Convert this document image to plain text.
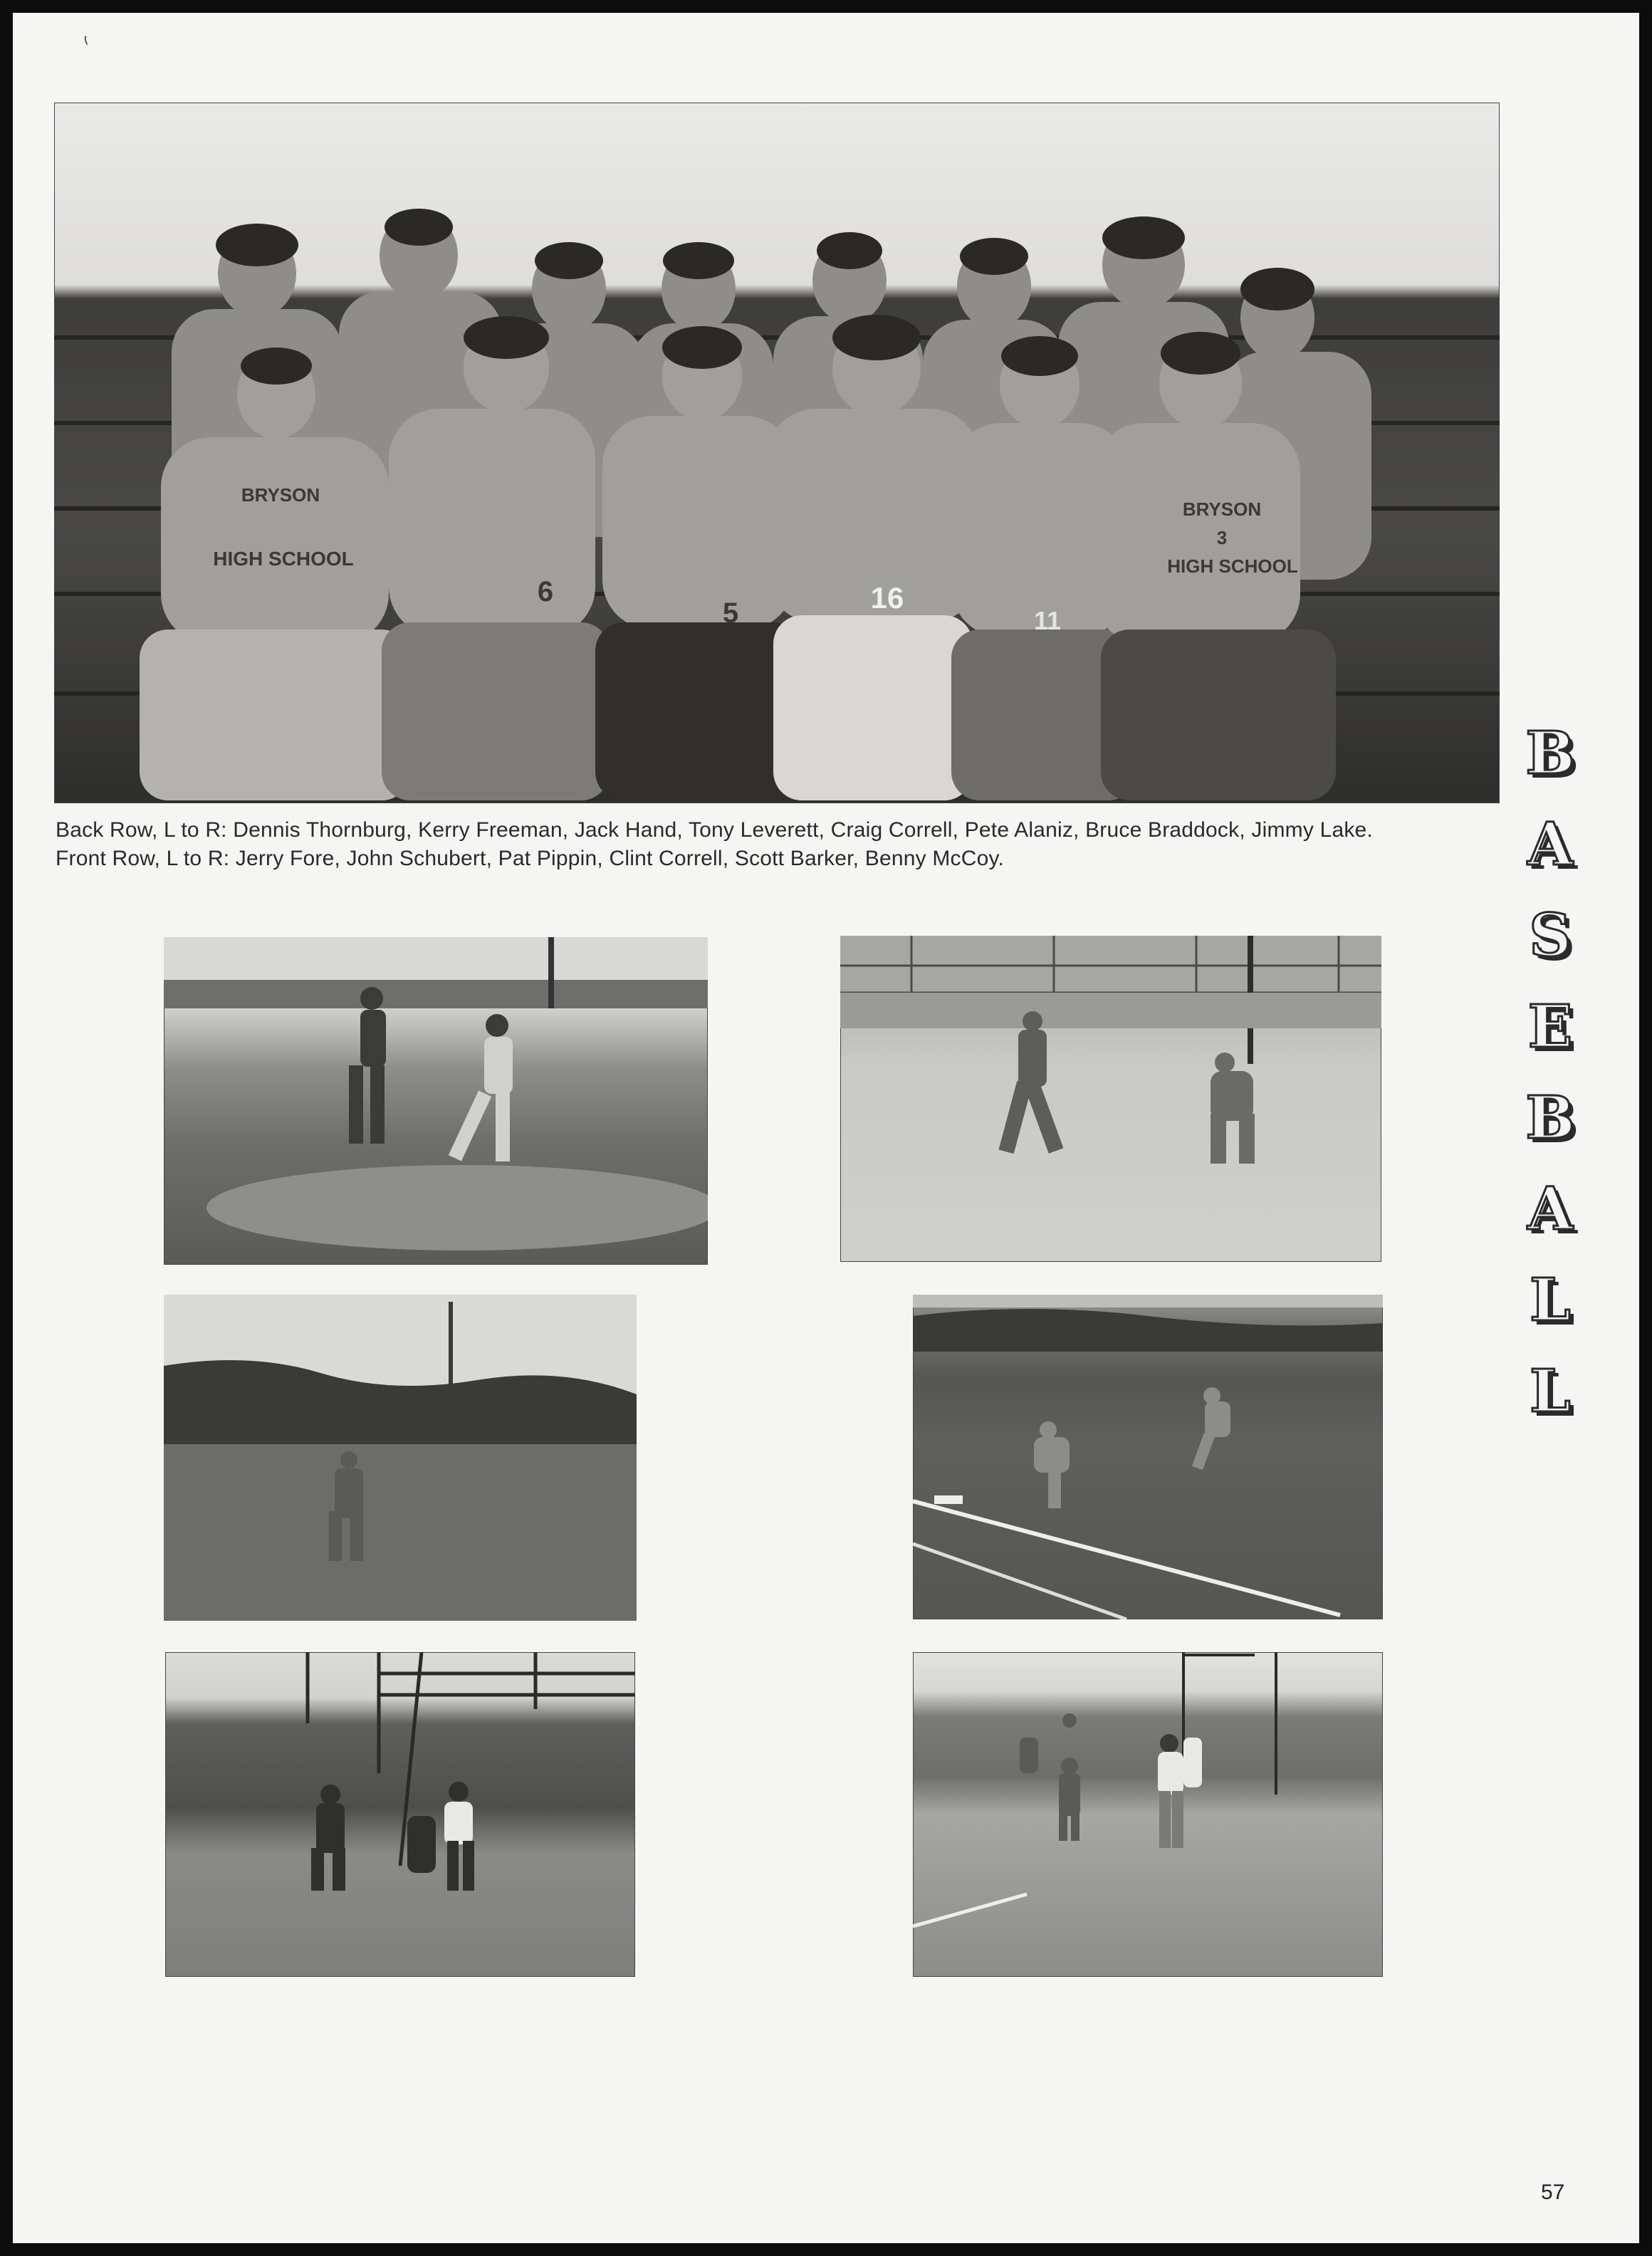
BRYSON
HIGH SCHOOL
6
5	16
11
BRYSON
3
HIGH SCHOOL
Back Row, L to R: Dennis Thornburg, Kerry Freeman, Jack Hand, Tony Leverett, Craig Correll, Pete Alaniz, Bruce Braddock, Jimmy Lake.
Front Row, L to R: Jerry Fore, John Schubert, Pat Pippin, Clint Correll, Scott Barker, Benny McCoy.
B
A
S
E
B
A
L
L
57
